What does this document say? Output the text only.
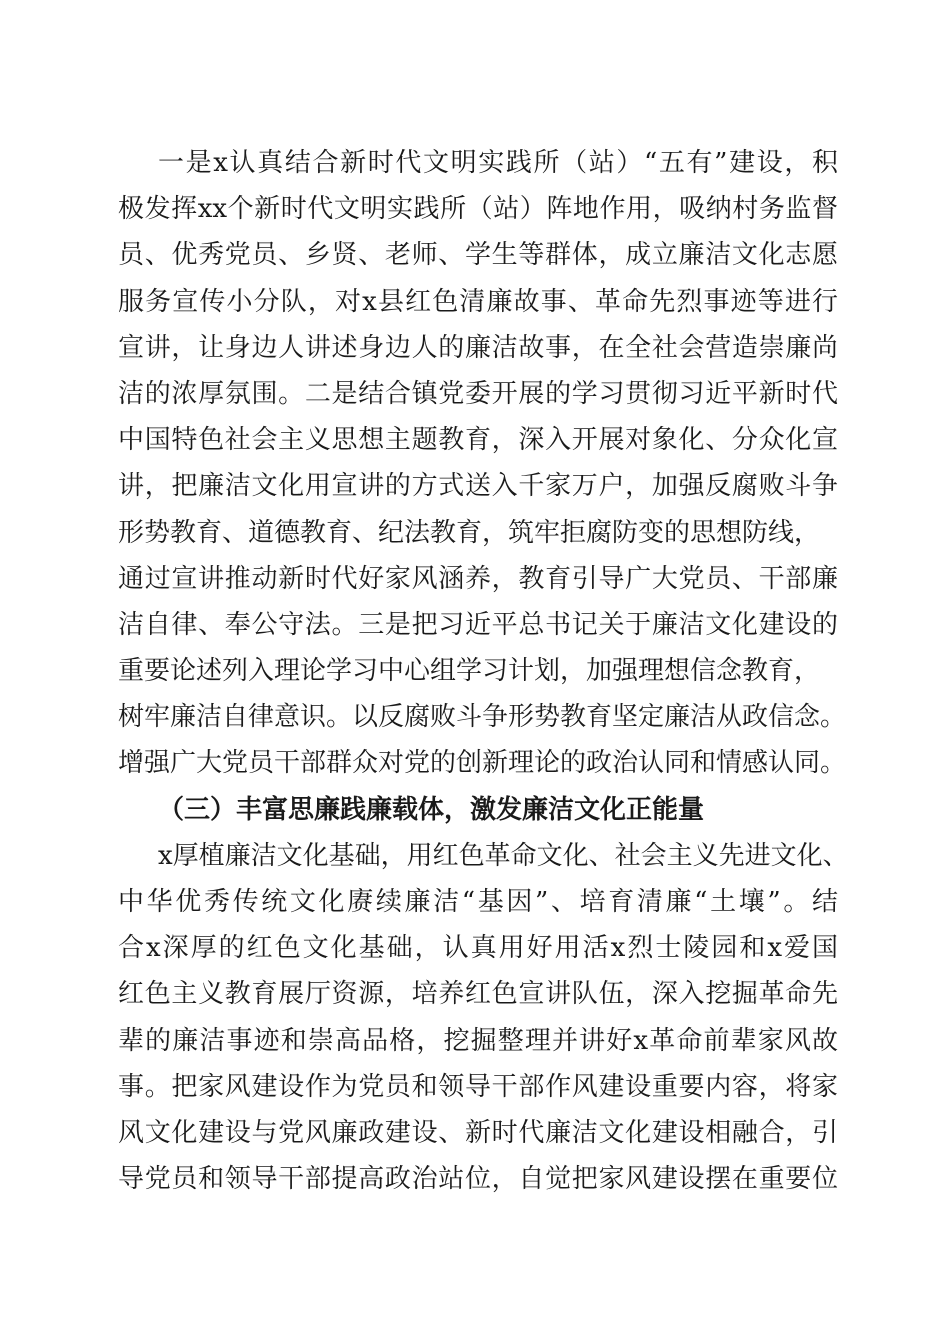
一是x认真结合新时代文明实践所（站）“五有”建设，积
极发挥xx个新时代文明实践所（站）阵地作用，吸纳村务监督
员、优秀党员、乡贤、老师、学生等群体，成立廉洁文化志愿
服务宣传小分队，对x县红色清廉故事、革命先烈事迹等进行
宣讲，让身边人讲述身边人的廉洁故事，在全社会营造崇廉尚
洁的浓厚氛围。二是结合镇党委开展的学习贯彻习近平新时代
中国特色社会主义思想主题教育，深入开展对象化、分众化宣
讲，把廉洁文化用宣讲的方式送入千家万户，加强反腐败斗争
形势教育、道德教育、纪法教育，筑牢拒腐防变的思想防线，
通过宣讲推动新时代好家风涵养，教育引导广大党员、干部廉
洁自律、奉公守法。三是把习近平总书记关于廉洁文化建设的
重要论述列入理论学习中心组学习计划，加强理想信念教育，
树牢廉洁自律意识。以反腐败斗争形势教育坚定廉洁从政信念。
增强广大党员干部群众对党的创新理论的政治认同和情感认同。
（三）丰富思廉践廉载体，激发廉洁文化正能量
x厚植廉洁文化基础，用红色革命文化、社会主义先进文化、
中华优秀传统文化赓续廉洁“基因”、培育清廉“土壤”。结
合x深厚的红色文化基础，认真用好用活x烈士陵园和x爱国
红色主义教育展厅资源，培养红色宣讲队伍，深入挖掘革命先
辈的廉洁事迹和崇高品格，挖掘整理并讲好x革命前辈家风故
事。把家风建设作为党员和领导干部作风建设重要内容，将家
风文化建设与党风廉政建设、新时代廉洁文化建设相融合，引
导党员和领导干部提高政治站位，自觉把家风建设摆在重要位
